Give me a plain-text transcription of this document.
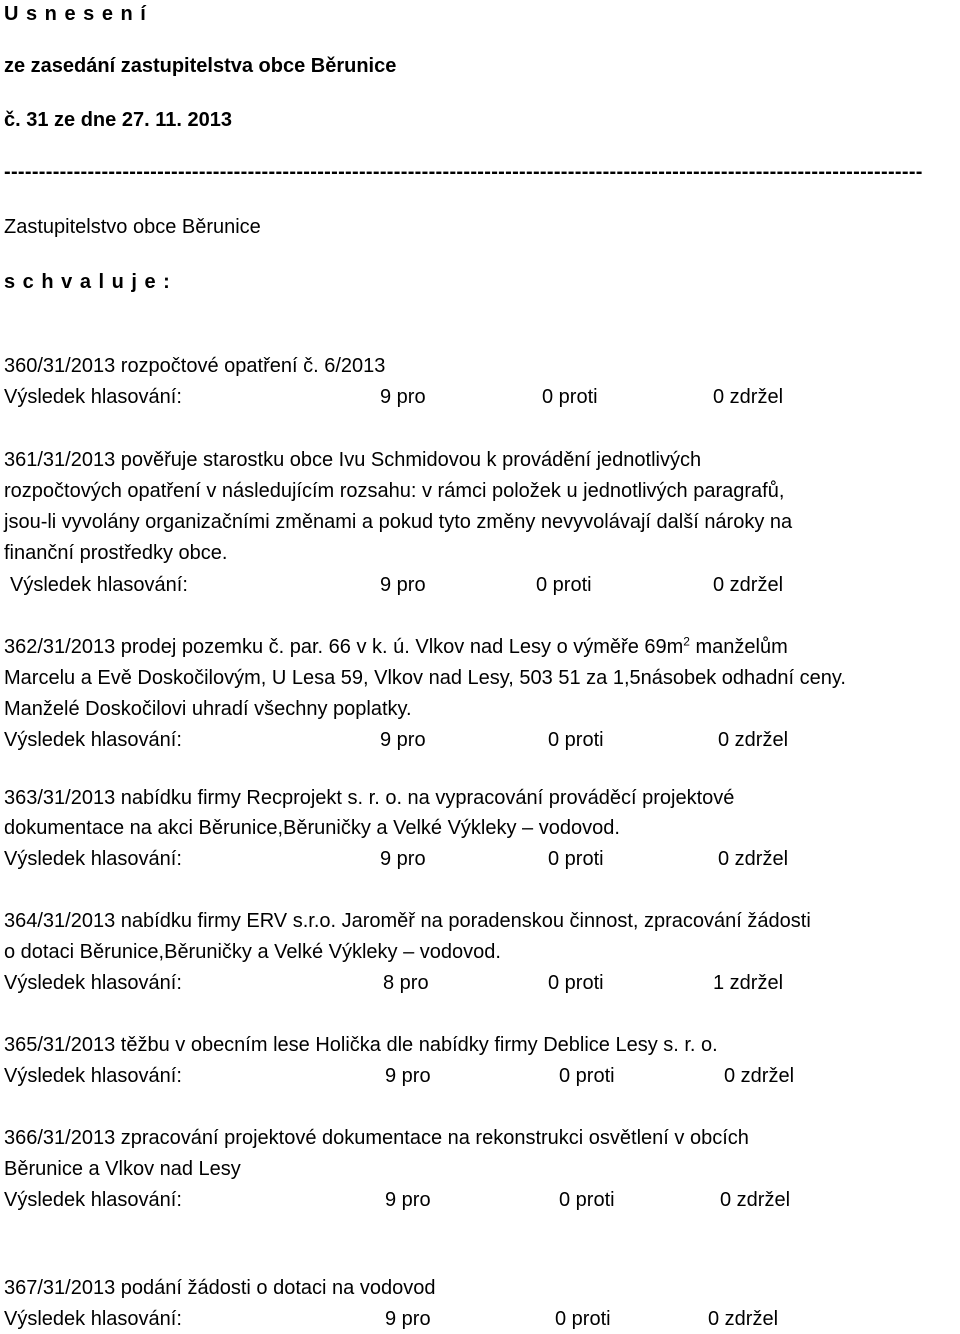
U s n e s e n í
ze zasedání zastupitelstva obce Běrunice
č. 31 ze dne 27. 11. 2013
------------------------------------------------------------------------------------------------------------------------------------
Zastupitelstvo obce Běrunice
s c h v a l u j e :
360/31/2013 rozpočtové opatření č. 6/2013
Výsledek hlasování:	9 pro	0 proti	0 zdržel
361/31/2013 pověřuje starostku obce Ivu Schmidovou k provádění jednotlivých
rozpočtových opatření v následujícím rozsahu: v rámci položek u jednotlivých paragrafů,
jsou-li vyvolány organizačními změnami a pokud tyto změny nevyvolávají další nároky na
finanční prostředky obce.
Výsledek hlasování:	9 pro	0 proti	0 zdržel
362/31/2013 prodej pozemku č. par. 66 v k. ú. Vlkov nad Lesy o výměře $69m^2$ manželům
Marcelu a Evě Doskočilovým, U Lesa 59, Vlkov nad Lesy, 503 51 za 1,5násobek odhadní ceny.
Manželé Doskočilovi uhradí všechny poplatky.
Výsledek hlasování:	9 pro	0 proti	0 zdržel
363/31/2013 nabídku firmy Recprojekt s. r. o. na vypracování prováděcí projektové
dokumentace na akci Běrunice,Běruničky a Velké Výkleky – vodovod.
Výsledek hlasování:	9 pro	0 proti	0 zdržel
364/31/2013 nabídku firmy ERV s.r.o. Jaroměř na poradenskou činnost, zpracování žádosti
o dotaci Běrunice,Běruničky a Velké Výkleky – vodovod.
Výsledek hlasování:	8 pro	0 proti	1 zdržel
365/31/2013 těžbu v obecním lese Holička dle nabídky firmy Deblice Lesy s. r. o.
Výsledek hlasování:	9 pro	0 proti	0 zdržel
366/31/2013 zpracování projektové dokumentace na rekonstrukci osvětlení v obcích
Běrunice a Vlkov nad Lesy
Výsledek hlasování:	9 pro	0 proti	0 zdržel
367/31/2013 podání žádosti o dotaci na vodovod
Výsledek hlasování:	9 pro	0 proti	0 zdržel
